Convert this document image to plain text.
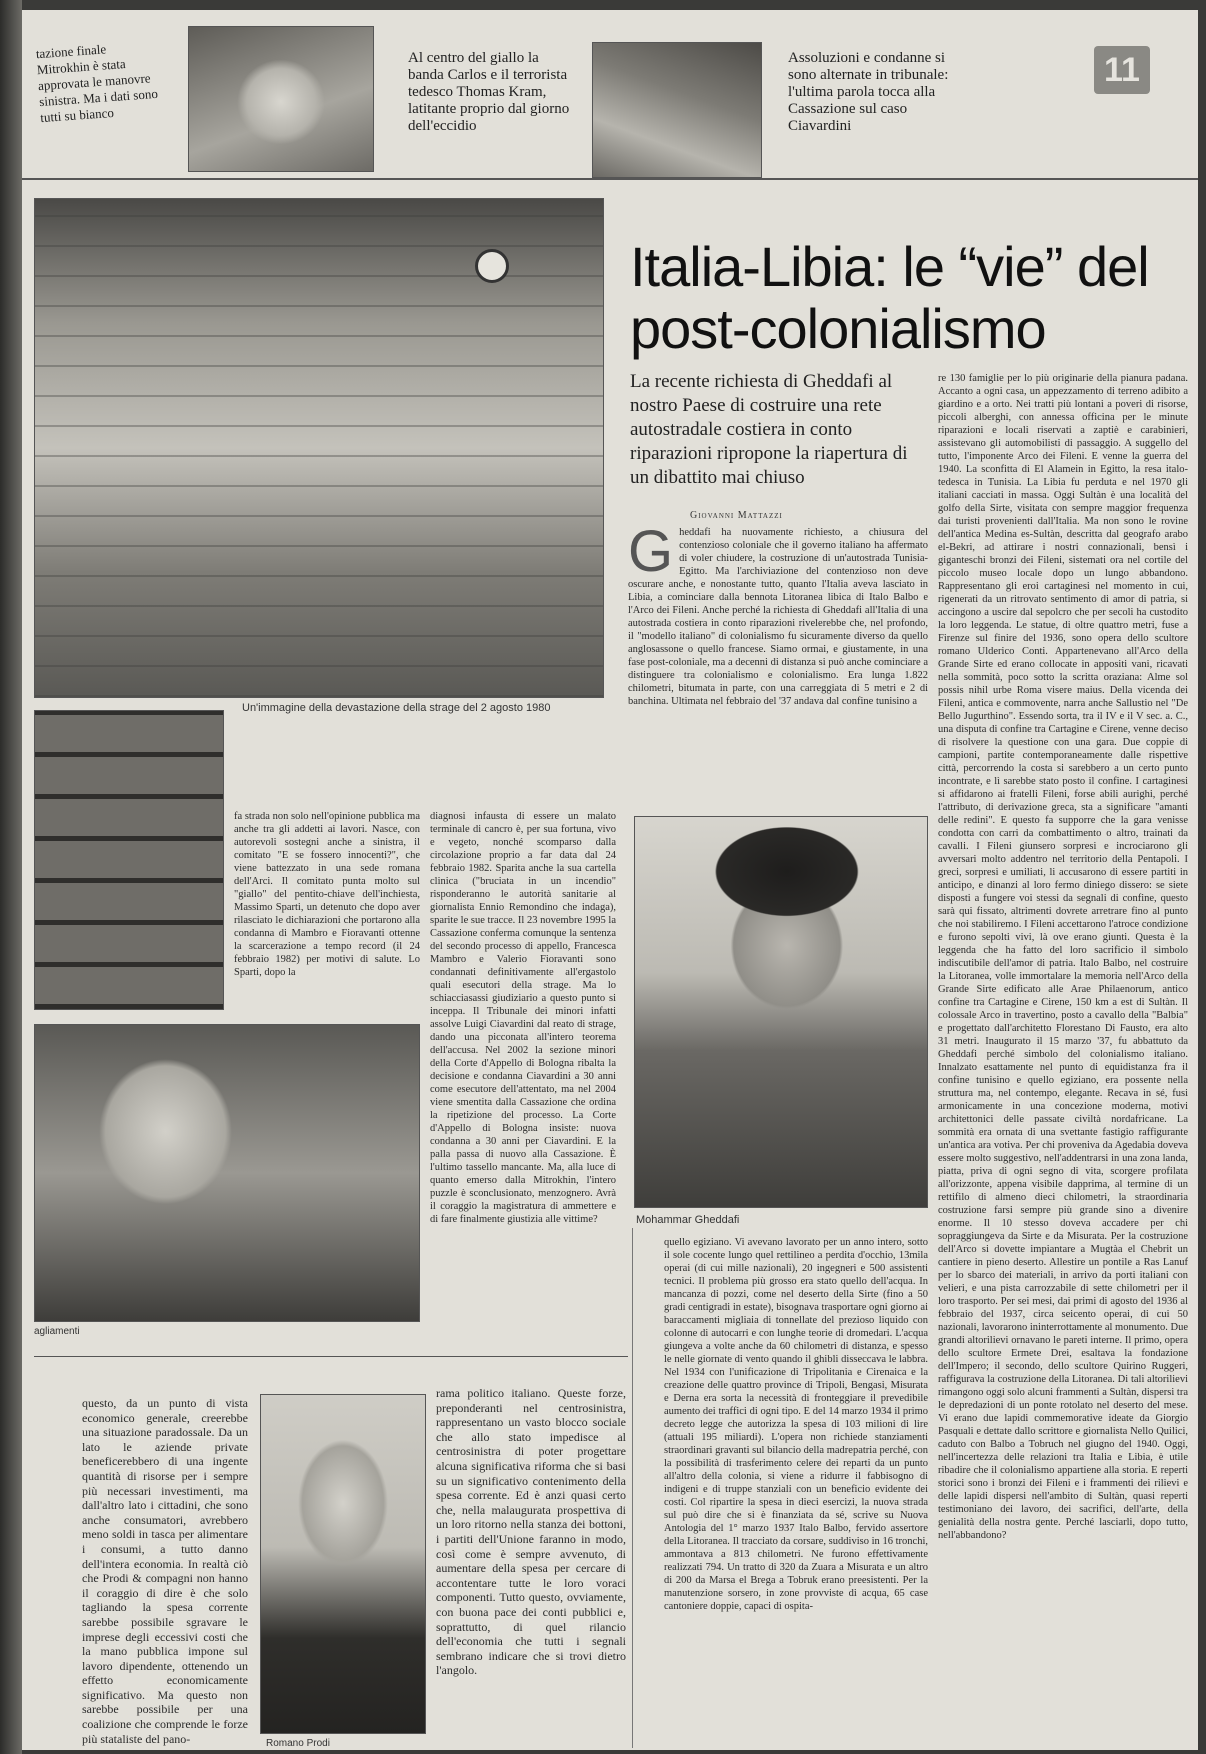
tazione finale Mitrokhin è stata approvata le manovre sinistra. Ma i dati sono tutti su bianco
Al centro del giallo la banda Carlos e il terrorista tedesco Thomas Kram, latitante proprio dal giorno dell'eccidio
Assoluzioni e condanne si sono alternate in tribunale: l'ultima parola tocca alla Cassazione sul caso Ciavardini
11
Un'immagine della devastazione della strage del 2 agosto 1980
Italia-Libia: le “vie” del post-colonialismo
La recente richiesta di Gheddafi al nostro Paese di costruire una rete autostradale costiera in conto riparazioni ripropone la riapertura di un dibattito mai chiuso
Giovanni Mattazzi
Gheddafi ha nuovamente richiesto, a chiusura del contenzioso coloniale che il governo italiano ha affermato di voler chiudere, la costruzione di un'autostrada Tunisia-Egitto. Ma l'archiviazione del contenzioso non deve oscurare anche, e nonostante tutto, quanto l'Italia aveva lasciato in Libia, a cominciare dalla bennota Litoranea libica di Italo Balbo e l'Arco dei Fileni. Anche perché la richiesta di Gheddafi all'Italia di una autostrada costiera in conto riparazioni rivelerebbe che, nel profondo, il "modello italiano" di colonialismo fu sicuramente diverso da quello anglosassone o quello francese. Siamo ormai, e giustamente, in una fase post-coloniale, ma a decenni di distanza si può anche cominciare a distinguere tra colonialismo e colonialismo. Era lunga 1.822 chilometri, bitumata in parte, con una carreggiata di 5 metri e 2 di banchina. Ultimata nel febbraio del '37 andava dal confine tunisino a
re 130 famiglie per lo più originarie della pianura padana. Accanto a ogni casa, un appezzamento di terreno adibito a giardino e a orto. Nei tratti più lontani a poveri di risorse, piccoli alberghi, con annessa officina per le minute riparazioni e locali riservati a zaptiè e carabinieri, assistevano gli automobilisti di passaggio. A suggello del tutto, l'imponente Arco dei Fileni. E venne la guerra del 1940. La sconfitta di El Alamein in Egitto, la resa italo-tedesca in Tunisia. La Libia fu perduta e nel 1970 gli italiani cacciati in massa. Oggi Sultàn è una località del golfo della Sirte, visitata con sempre maggior frequenza dai turisti provenienti dall'Italia. Ma non sono le rovine dell'antica Medina es-Sultàn, descritta dal geografo arabo el-Bekri, ad attirare i nostri connazionali, bensì i giganteschi bronzi dei Fileni, sistemati ora nel cortile del piccolo museo locale dopo un lungo abbandono. Rappresentano gli eroi cartaginesi nel momento in cui, rigenerati da un ritrovato sentimento di amor di patria, si accingono a uscire dal sepolcro che per secoli ha custodito la loro leggenda. Le statue, di oltre quattro metri, fuse a Firenze sul finire del 1936, sono opera dello scultore romano Ulderico Conti. Appartenevano all'Arco della Grande Sirte ed erano collocate in appositi vani, ricavati nella sommità, poco sotto la scritta oraziana: Alme sol possis nihil urbe Roma visere maius. Della vicenda dei Fileni, antica e commovente, narra anche Sallustio nel "De Bello Jugurthino". Essendo sorta, tra il IV e il V sec. a. C., una disputa di confine tra Cartagine e Cirene, venne deciso di risolvere la questione con una gara. Due coppie di campioni, partite contemporaneamente dalle rispettive città, percorrendo la costa si sarebbero a un certo punto incontrate, e lì sarebbe stato posto il confine. I cartaginesi si affidarono ai fratelli Fileni, forse abili aurighi, perché l'attributo, di derivazione greca, sta a significare "amanti delle redini". E questo fa supporre che la gara venisse condotta con carri da combattimento o altro, trainati da cavalli. I Fileni giunsero sorpresi e incrociarono gli avversari molto addentro nel territorio della Pentapoli. I greci, sorpresi e umiliati, li accusarono di essere partiti in anticipo, e dinanzi al loro fermo diniego dissero: se siete disposti a fungere voi stessi da segnali di confine, questo sarà qui fissato, altrimenti dovrete arretrare fino al punto che noi stabiliremo. I Fileni accettarono l'atroce condizione e furono sepolti vivi, là ove erano giunti. Questa è la leggenda che ha fatto del loro sacrificio il simbolo indiscutibile dell'amor di patria. Italo Balbo, nel costruire la Litoranea, volle immortalare la memoria nell'Arco della Grande Sirte edificato alle Arae Philaenorum, antico confine tra Cartagine e Cirene, 150 km a est di Sultàn. Il colossale Arco in travertino, posto a cavallo della "Balbia" e progettato dall'architetto Florestano Di Fausto, era alto 31 metri. Inaugurato il 15 marzo '37, fu abbattuto da Gheddafi perché simbolo del colonialismo italiano. Innalzato esattamente nel punto di equidistanza fra il confine tunisino e quello egiziano, era possente nella struttura ma, nel contempo, elegante. Recava in sé, fusi armonicamente in una concezione moderna, motivi architettonici delle passate civiltà nordafricane. La sommità era ornata di una svettante fastigio raffigurante un'antica ara votiva. Per chi proveniva da Agedabia doveva essere molto suggestivo, nell'addentrarsi in una zona landa, piatta, priva di ogni segno di vita, scorgere profilata all'orizzonte, appena visibile dapprima, al termine di un rettifilo di almeno dieci chilometri, la straordinaria costruzione farsi sempre più grande sino a divenire enorme. Il 10 stesso doveva accadere per chi sopraggiungeva da Sirte e da Misurata. Per la costruzione dell'Arco si dovette impiantare a Mugtàa el Chebrit un cantiere in pieno deserto. Allestire un pontile a Ras Lanuf per lo sbarco dei materiali, in arrivo da porti italiani con velieri, e una pista carrozzabile di sette chilometri per il loro trasporto. Per sei mesi, dai primi di agosto del 1936 al febbraio del 1937, circa seicento operai, di cui 50 nazionali, lavorarono ininterrottamente al monumento. Due grandi altorilievi ornavano le pareti interne. Il primo, opera dello scultore Ermete Drei, esaltava la fondazione dell'Impero; il secondo, dello scultore Quirino Ruggeri, raffigurava la costruzione della Litoranea. Di tali altorilievi rimangono oggi solo alcuni frammenti a Sultàn, dispersi tra le depredazioni di un ponte rotolato nel deserto del mese. Vi erano due lapidi commemorative ideate da Giorgio Pasquali e dettate dallo scrittore e giornalista Nello Quilici, caduto con Balbo a Tobruch nel giugno del 1940. Oggi, nell'incertezza delle relazioni tra Italia e Libia, è utile ribadire che il colonialismo appartiene alla storia. E reperti storici sono i bronzi dei Fileni e i frammenti dei rilievi e delle lapidi dispersi nell'ambito di Sultàn, quasi reperti testimoniano dei lavoro, dei sacrifici, dell'arte, della genialità della nostra gente. Perché lasciarli, dopo tutto, nell'abbandono?
Mohammar Gheddafi
quello egiziano. Vi avevano lavorato per un anno intero, sotto il sole cocente lungo quel rettilineo a perdita d'occhio, 13mila operai (di cui mille nazionali), 20 ingegneri e 500 assistenti tecnici. Il problema più grosso era stato quello dell'acqua. In mancanza di pozzi, come nel deserto della Sirte (fino a 50 gradi centigradi in estate), bisognava trasportare ogni giorno ai baraccamenti migliaia di tonnellate del prezioso liquido con colonne di autocarri e con lunghe teorie di dromedari. L'acqua giungeva a volte anche da 60 chilometri di distanza, e spesso le nelle giornate di vento quando il ghibli disseccava le labbra. Nel 1934 con l'unificazione di Tripolitania e Cirenaica e la creazione delle quattro province di Tripoli, Bengasi, Misurata e Derna era sorta la necessità di fronteggiare il prevedibile aumento dei traffici di ogni tipo. E del 14 marzo 1934 il primo decreto legge che autorizza la spesa di 103 milioni di lire (attuali 195 miliardi). L'opera non richiede stanziamenti straordinari gravanti sul bilancio della madrepatria perché, con la possibilità di trasferimento celere dei reparti da un punto all'altro della colonia, si viene a ridurre il fabbisogno di indigeni e di truppe stanziali con un beneficio evidente dei costi. Col ripartire la spesa in dieci esercizi, la nuova strada sul può dire che si è finanziata da sé, scrive su Nuova Antologia del 1° marzo 1937 Italo Balbo, fervido assertore della Litoranea. Il tracciato da corsare, suddiviso in 16 tronchi, ammontava a 813 chilometri. Ne furono effettivamente realizzati 794. Un tratto di 320 da Zuara a Misurata e un altro di 200 da Marsa el Brega a Tobruk erano preesistenti. Per la manutenzione sorsero, in zone provviste di acqua, 65 case cantoniere doppie, capaci di ospita-
fa strada non solo nell'opinione pubblica ma anche tra gli addetti ai lavori. Nasce, con autorevoli sostegni anche a sinistra, il comitato "E se fossero innocenti?", che viene battezzato in una sede romana dell'Arci. Il comitato punta molto sul "giallo" del pentito-chiave dell'inchiesta, Massimo Sparti, un detenuto che dopo aver rilasciato le dichiarazioni che portarono alla condanna di Mambro e Fioravanti ottenne la scarcerazione a tempo record (il 24 febbraio 1982) per motivi di salute. Lo Sparti, dopo la
diagnosi infausta di essere un malato terminale di cancro è, per sua fortuna, vivo e vegeto, nonché scomparso dalla circolazione proprio a far data dal 24 febbraio 1982. Sparita anche la sua cartella clinica ("bruciata in un incendio" risponderanno le autorità sanitarie al giornalista Ennio Remondino che indaga), sparite le sue tracce. Il 23 novembre 1995 la Cassazione conferma comunque la sentenza del secondo processo di appello, Francesca Mambro e Valerio Fioravanti sono condannati definitivamente all'ergastolo quali esecutori della strage. Ma lo schiacciasassi giudiziario a questo punto si inceppa. Il Tribunale dei minori infatti assolve Luigi Ciavardini dal reato di strage, dando una picconata all'intero teorema dell'accusa. Nel 2002 la sezione minori della Corte d'Appello di Bologna ribalta la decisione e condanna Ciavardini a 30 anni come esecutore dell'attentato, ma nel 2004 viene smentita dalla Cassazione che ordina la ripetizione del processo. La Corte d'Appello di Bologna insiste: nuova condanna a 30 anni per Ciavardini. E la palla passa di nuovo alla Cassazione. È l'ultimo tassello mancante. Ma, alla luce di quanto emerso dalla Mitrokhin, l'intero puzzle è sconclusionato, menzognero. Avrà il coraggio la magistratura di ammettere e di fare finalmente giustizia alle vittime?
agliamenti
questo, da un punto di vista economico generale, creerebbe una situazione paradossale. Da un lato le aziende private beneficerebbero di una ingente quantità di risorse per i sempre più necessari investimenti, ma dall'altro lato i cittadini, che sono anche consumatori, avrebbero meno soldi in tasca per alimentare i consumi, a tutto danno dell'intera economia. In realtà ciò che Prodi & compagni non hanno il coraggio di dire è che solo tagliando la spesa corrente sarebbe possibile sgravare le imprese degli eccessivi costi che la mano pubblica impone sul lavoro dipendente, ottenendo un effetto economicamente significativo. Ma questo non sarebbe possibile per una coalizione che comprende le forze più stataliste del pano-	Romano Prodi
rama politico italiano. Queste forze, preponderanti nel centrosinistra, rappresentano un vasto blocco sociale che allo stato impedisce al centrosinistra di poter progettare alcuna significativa riforma che si basi su un significativo contenimento della spesa corrente. Ed è anzi quasi certo che, nella malaugurata prospettiva di un loro ritorno nella stanza dei bottoni, i partiti dell'Unione faranno in modo, così come è sempre avvenuto, di aumentare della spesa per cercare di accontentare tutte le loro voraci componenti. Tutto questo, ovviamente, con buona pace dei conti pubblici e, soprattutto, di quel rilancio dell'economia che tutti i segnali sembrano indicare che si trovi dietro l'angolo.
